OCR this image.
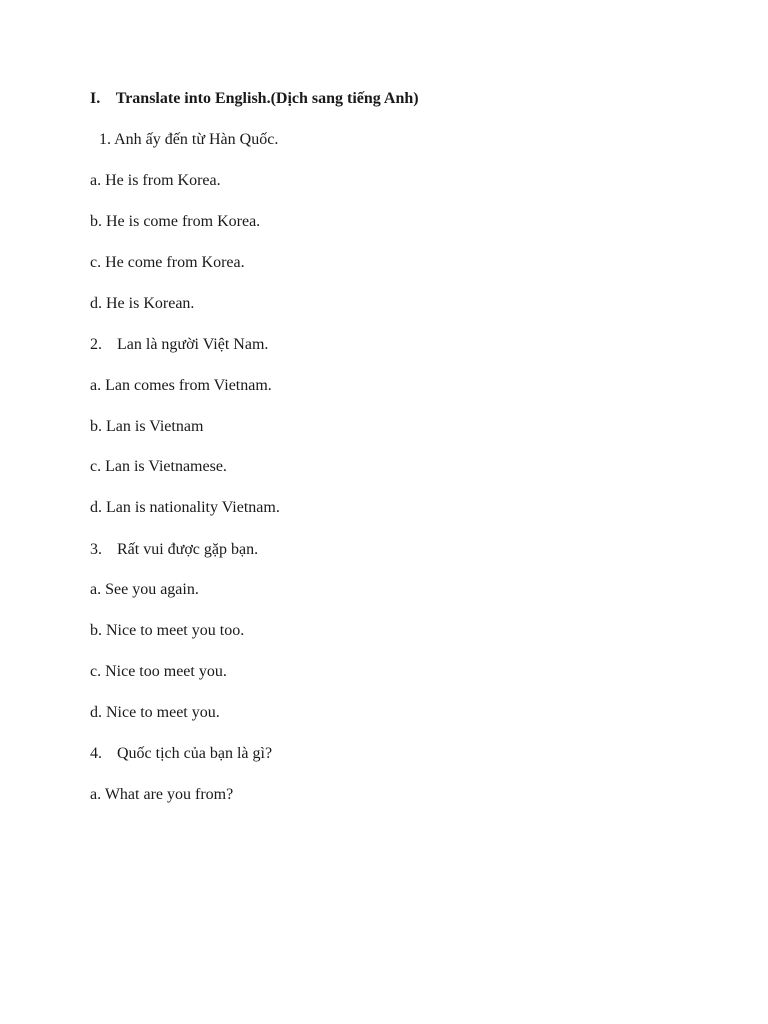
I. Translate into English.(Dịch sang tiếng Anh)
1. Anh ấy đến từ Hàn Quốc.
a. He is from Korea.
b. He is come from Korea.
c. He come from Korea.
d. He is Korean.
2. Lan là người Việt Nam.
a. Lan comes from Vietnam.
b. Lan is Vietnam
c. Lan is Vietnamese.
d. Lan is nationality Vietnam.
3. Rất vui được gặp bạn.
a. See you again.
b. Nice to meet you too.
c. Nice too meet you.
d. Nice to meet you.
4. Quốc tịch của bạn là gì?
a. What are you from?
